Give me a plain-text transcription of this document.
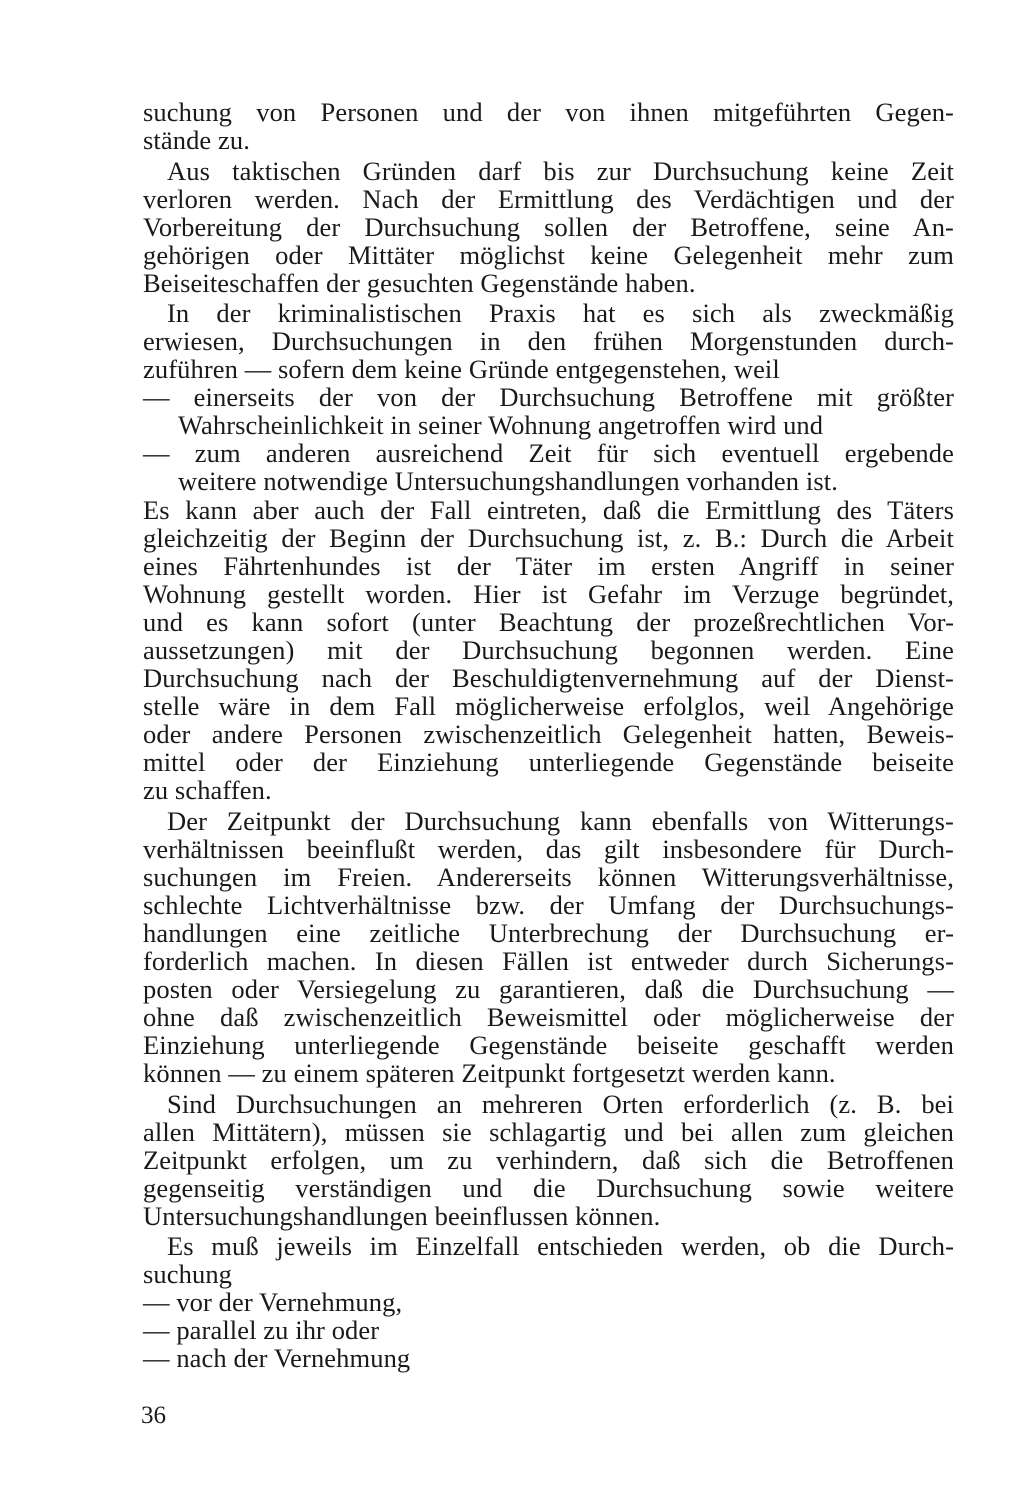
suchung von Personen und der von ihnen mitgeführten Gegen-
stände zu.
Aus taktischen Gründen darf bis zur Durchsuchung keine Zeit
verloren werden. Nach der Ermittlung des Verdächtigen und der
Vorbereitung der Durchsuchung sollen der Betroffene, seine An-
gehörigen oder Mittäter möglichst keine Gelegenheit mehr zum
Beiseiteschaffen der gesuchten Gegenstände haben.
In der kriminalistischen Praxis hat es sich als zweckmäßig
erwiesen, Durchsuchungen in den frühen Morgenstunden durch-
zuführen — sofern dem keine Gründe entgegenstehen, weil
— einerseits der von der Durchsuchung Betroffene mit größter
Wahrscheinlichkeit in seiner Wohnung angetroffen wird und
— zum anderen ausreichend Zeit für sich eventuell ergebende
weitere notwendige Untersuchungshandlungen vorhanden ist.
Es kann aber auch der Fall eintreten, daß die Ermittlung des Täters
gleichzeitig der Beginn der Durchsuchung ist, z. B.: Durch die Arbeit
eines Fährtenhundes ist der Täter im ersten Angriff in seiner
Wohnung gestellt worden. Hier ist Gefahr im Verzuge begründet,
und es kann sofort (unter Beachtung der prozeßrechtlichen Vor-
aussetzungen) mit der Durchsuchung begonnen werden. Eine
Durchsuchung nach der Beschuldigtenvernehmung auf der Dienst-
stelle wäre in dem Fall möglicherweise erfolglos, weil Angehörige
oder andere Personen zwischenzeitlich Gelegenheit hatten, Beweis-
mittel oder der Einziehung unterliegende Gegenstände beiseite
zu schaffen.
Der Zeitpunkt der Durchsuchung kann ebenfalls von Witterungs-
verhältnissen beeinflußt werden, das gilt insbesondere für Durch-
suchungen im Freien. Andererseits können Witterungsverhältnisse,
schlechte Lichtverhältnisse bzw. der Umfang der Durchsuchungs-
handlungen eine zeitliche Unterbrechung der Durchsuchung er-
forderlich machen. In diesen Fällen ist entweder durch Sicherungs-
posten oder Versiegelung zu garantieren, daß die Durchsuchung —
ohne daß zwischenzeitlich Beweismittel oder möglicherweise der
Einziehung unterliegende Gegenstände beiseite geschafft werden
können — zu einem späteren Zeitpunkt fortgesetzt werden kann.
Sind Durchsuchungen an mehreren Orten erforderlich (z. B. bei
allen Mittätern), müssen sie schlagartig und bei allen zum gleichen
Zeitpunkt erfolgen, um zu verhindern, daß sich die Betroffenen
gegenseitig verständigen und die Durchsuchung sowie weitere
Untersuchungshandlungen beeinflussen können.
Es muß jeweils im Einzelfall entschieden werden, ob die Durch-
suchung
— vor der Vernehmung,
— parallel zu ihr oder
— nach der Vernehmung
36
